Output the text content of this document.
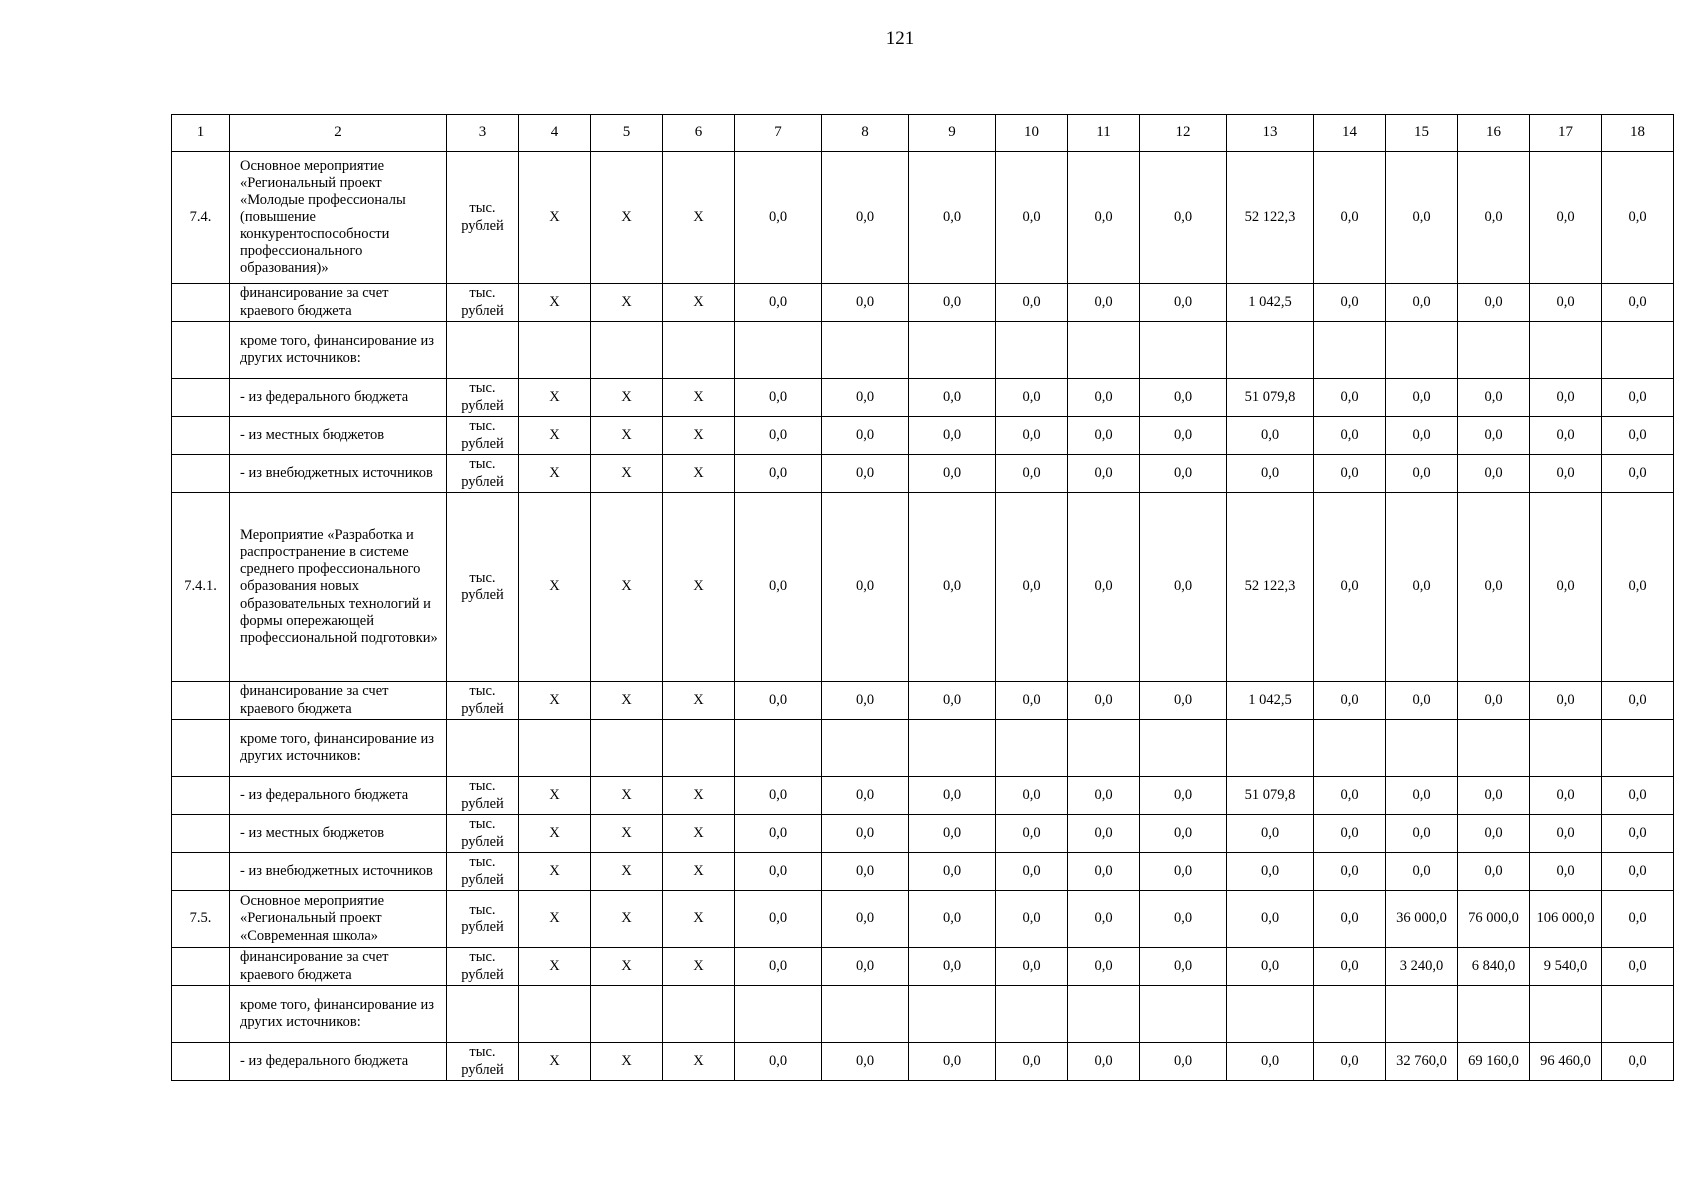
121
1	2	3	4	5	6	7	8	9	10	11	12	13	14	15	16	17	18
7.4.	Основное мероприятие «Региональный проект «Молодые профессионалы (повышение конкурентоспособности профессионального образования)»	тыс. рублей	X	X	X	0,0	0,0	0,0	0,0	0,0	0,0	52 122,3	0,0	0,0	0,0	0,0	0,0
	финансирование за счет краевого бюджета	тыс. рублей	X	X	X	0,0	0,0	0,0	0,0	0,0	0,0	1 042,5	0,0	0,0	0,0	0,0	0,0
	кроме того, финансирование из других источников:																
	- из федерального бюджета	тыс. рублей	X	X	X	0,0	0,0	0,0	0,0	0,0	0,0	51 079,8	0,0	0,0	0,0	0,0	0,0
	- из местных бюджетов	тыс. рублей	X	X	X	0,0	0,0	0,0	0,0	0,0	0,0	0,0	0,0	0,0	0,0	0,0	0,0
	- из внебюджетных источников	тыс. рублей	X	X	X	0,0	0,0	0,0	0,0	0,0	0,0	0,0	0,0	0,0	0,0	0,0	0,0
7.4.1.	Мероприятие «Разработка и распространение в системе среднего профессионального образования новых образовательных технологий и формы опережающей профессиональной подготовки»	тыс. рублей	X	X	X	0,0	0,0	0,0	0,0	0,0	0,0	52 122,3	0,0	0,0	0,0	0,0	0,0
	финансирование за счет краевого бюджета	тыс. рублей	X	X	X	0,0	0,0	0,0	0,0	0,0	0,0	1 042,5	0,0	0,0	0,0	0,0	0,0
	кроме того, финансирование из других источников:																
	- из федерального бюджета	тыс. рублей	X	X	X	0,0	0,0	0,0	0,0	0,0	0,0	51 079,8	0,0	0,0	0,0	0,0	0,0
	- из местных бюджетов	тыс. рублей	X	X	X	0,0	0,0	0,0	0,0	0,0	0,0	0,0	0,0	0,0	0,0	0,0	0,0
	- из внебюджетных источников	тыс. рублей	X	X	X	0,0	0,0	0,0	0,0	0,0	0,0	0,0	0,0	0,0	0,0	0,0	0,0
7.5.	Основное мероприятие «Региональный проект «Современная школа»	тыс. рублей	X	X	X	0,0	0,0	0,0	0,0	0,0	0,0	0,0	0,0	36 000,0	76 000,0	106 000,0	0,0
	финансирование за счет краевого бюджета	тыс. рублей	X	X	X	0,0	0,0	0,0	0,0	0,0	0,0	0,0	0,0	3 240,0	6 840,0	9 540,0	0,0
	кроме того, финансирование из других источников:																
	- из федерального бюджета	тыс. рублей	X	X	X	0,0	0,0	0,0	0,0	0,0	0,0	0,0	0,0	32 760,0	69 160,0	96 460,0	0,0
